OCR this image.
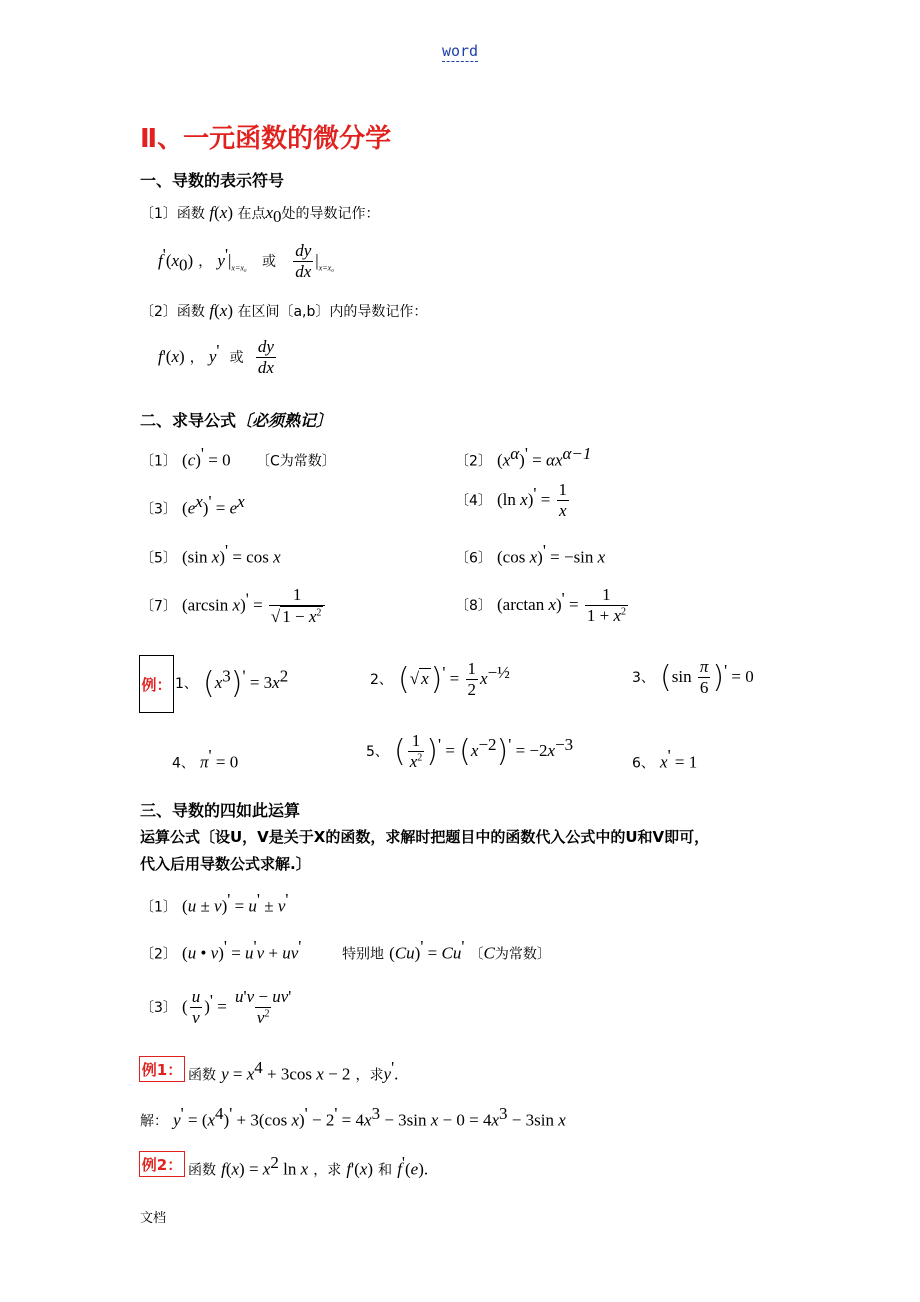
word
Ⅱ、一元函数的微分学
一、导数的表示符号
〔1〕函数 f(x) 在点$x_0$处的导数记作：
$f'(x_0)$ ， $y'|_{x=x_0}$ 或 $\frac{dy}{dx} |_{x=x_0}$
〔2〕函数 f(x) 在区间〔a,b〕内的导数记作：
f'(x) ， y' 或 $\frac{dy}{dx}$
二、求导公式〔必须熟记〕
〔1〕 (c)' = 0 〔C为常数〕	〔2〕 $(x^\alpha)' = \alpha x^{\alpha-1}$
〔3〕 $(e^x)' = e^x$	〔4〕 (ln $x)' = \frac{1}{x}$
〔5〕 (sin x)' = cos x	〔6〕 (cos x)' = −sin x
〔7〕 (arcsin $x)' = \frac{1}{√ 1 - x^2}$	〔8〕 (arctan $x)' = \frac{1}{1 + x^2}$
例： 1、 $(x^3)' = 3x^2$	2、 (√ $x)' = \frac{1}{2} x^{-\frac{1}{2}}$	3、 $(\sin \frac{\pi}{6} )' = 0$
4、 π' = 0
5、 ( $\frac{1}{x^2} )' = (x^{-2})' = -2x^{-3}$
6、 x' = 1
三、导数的四如此运算
运算公式〔设U，V是关于X的函数，求解时把题目中的函数代入公式中的U和V即可，
代入后用导数公式求解.〕
〔1〕 (u ± v)' = u' ± v'
〔2〕 (u • v)' = u'v + uv'	特别地 (Cu)' = Cu' 〔C为常数〕
〔3〕 ( $\frac{u}{v} )' = \frac{u'v - uv'}{v^2}$
例1： 函数 $y = x^4 + 3\cos$ x − 2 ，求y'.
解： $y' = (x^4)' + 3(\cos$ $x)' - 2' = 4x^3 - 3\sin$ $x - 0 = 4x^3 - 3\sin$ x
例2： 函数 $f(x) = x^2$ ln x ，求 f'(x) 和 f'(e).
文档
